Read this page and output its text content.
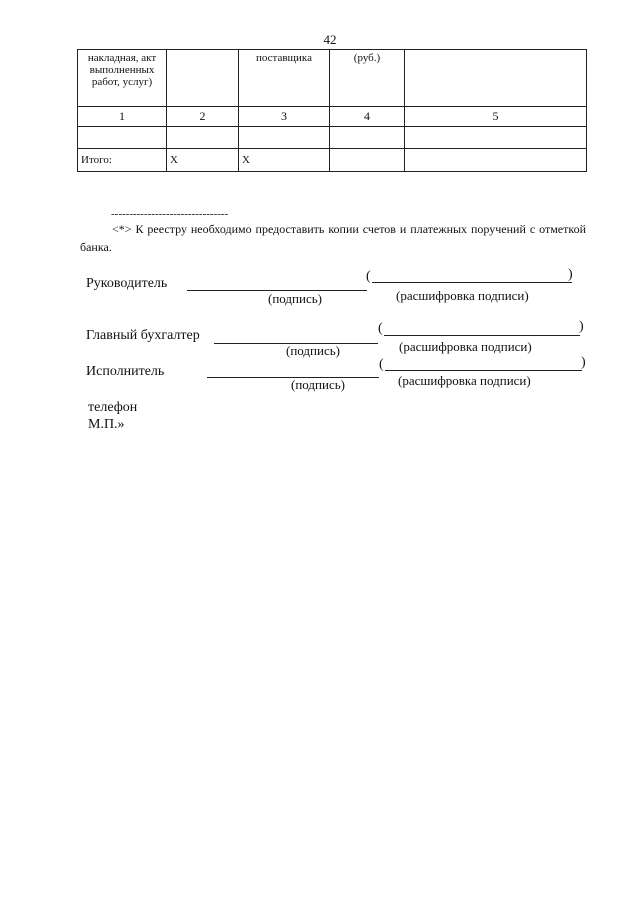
42
накладная, акт выполненных работ, услуг)		поставщика	(руб.)	
1	2	3	4	5

Итого:	X	X		
--------------------------------
<*> К реестру необходимо предоставить копии счетов и платежных поручений с отметкой банка.
Руководитель	(	)
(подпись)	(расшифровка подписи)
Главный бухгалтер	(	)
(подпись)	(расшифровка подписи)
Исполнитель	(	)
(подпись)	(расшифровка подписи)
телефон
М.П.»
